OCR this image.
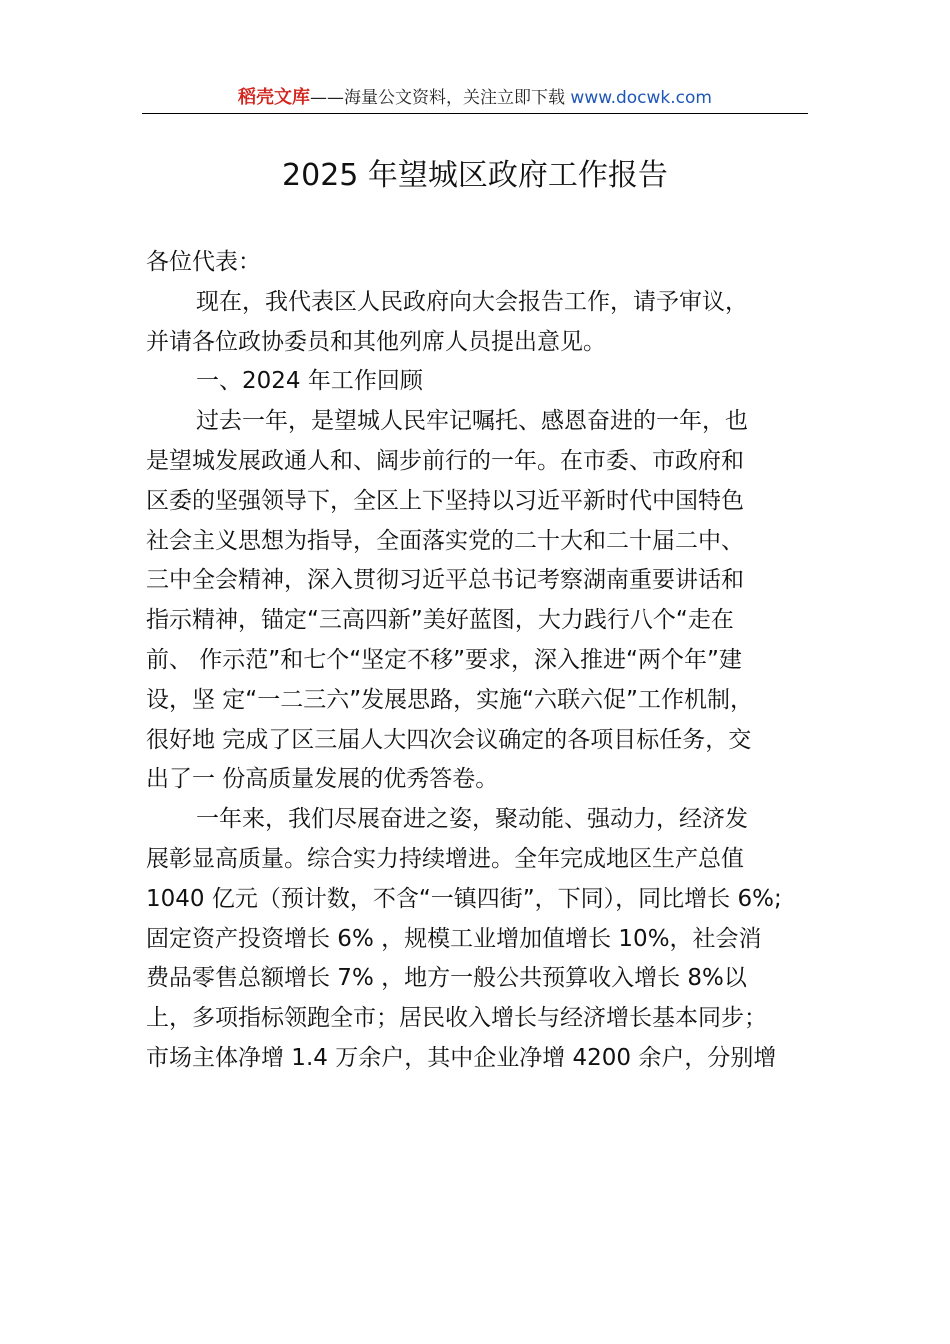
稻壳文库——海量公文资料，关注立即下载 www.docwk.com
2025 年望城区政府工作报告

各位代表：

现在，我代表区人民政府向大会报告工作，请予审议，

并请各位政协委员和其他列席人员提出意见。

一、2024 年工作回顾

过去一年，是望城人民牢记嘱托、感恩奋进的一年，也

是望城发展政通人和、阔步前行的一年。在市委、市政府和

区委的坚强领导下，全区上下坚持以习近平新时代中国特色

社会主义思想为指导，全面落实党的二十大和二十届二中、

三中全会精神，深入贯彻习近平总书记考察湖南重要讲话和

指示精神，锚定“三高四新”美好蓝图，大力践行八个“走在

前、 作示范”和七个“坚定不移”要求，深入推进“两个年”建

设，坚 定“一二三六”发展思路，实施“六联六促”工作机制，

很好地 完成了区三届人大四次会议确定的各项目标任务，交

出了一 份高质量发展的优秀答卷。

一年来，我们尽展奋进之姿，聚动能、强动力，经济发

展彰显高质量。综合实力持续增进。全年完成地区生产总值

1040 亿元（预计数，不含“一镇四街”，下同），同比增长 6%;

固定资产投资增长 6% ，规模工业增加值增长 10%，社会消

费品零售总额增长 7% ，地方一般公共预算收入增长 8%以

上，多项指标领跑全市；居民收入增长与经济增长基本同步；

市场主体净增 1.4 万余户，其中企业净增 4200 余户，分别增
